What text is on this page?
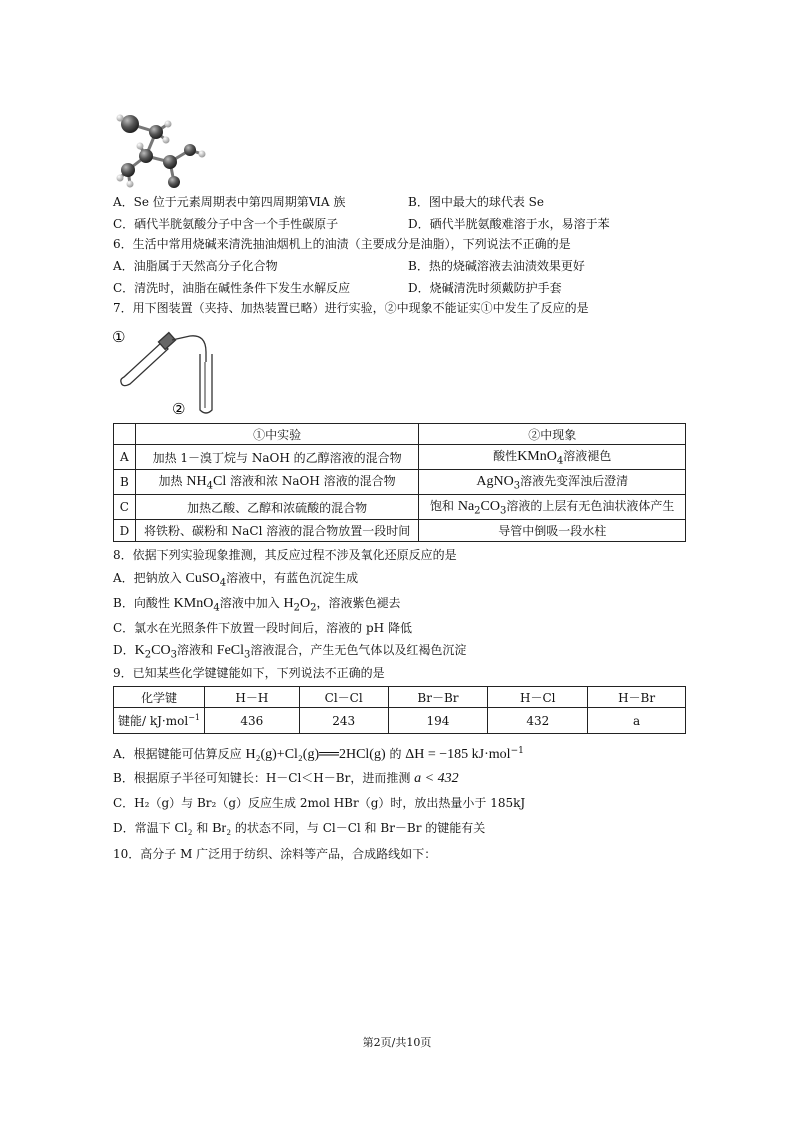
A．Se 位于元素周期表中第四周期第ⅥA 族	B．图中最大的球代表 Se
C．硒代半胱氨酸分子中含一个手性碳原子	D．硒代半胱氨酸难溶于水，易溶于苯
6．生活中常用烧碱来清洗抽油烟机上的油渍（主要成分是油脂），下列说法不正确的是
A．油脂属于天然高分子化合物	B．热的烧碱溶液去油渍效果更好
C．清洗时，油脂在碱性条件下发生水解反应	D．烧碱清洗时须戴防护手套
7．用下图装置（夹持、加热装置已略）进行实验，②中现象不能证实①中发生了反应的是
①
②
	①中实验	②中现象
A	加热 1－溴丁烷与 NaOH 的乙醇溶液的混合物	酸性KMnO$_4$溶液褪色
B	加热 $NH_4Cl$ 溶液和浓 NaOH 溶液的混合物	AgNO$_3$溶液先变浑浊后澄清
C	加热乙酸、乙醇和浓硫酸的混合物	饱和 $Na_2CO_3$溶液的上层有无色油状液体产生
D	将铁粉、碳粉和 NaCl 溶液的混合物放置一段时间	导管中倒吸一段水柱
8．依据下列实验现象推测，其反应过程不涉及氧化还原反应的是
A．把钠放入 CuSO$_4$溶液中，有蓝色沉淀生成
B．向酸性 KMnO$_4$溶液中加入 $H_2O_2$，溶液紫色褪去
C．氯水在光照条件下放置一段时间后，溶液的 pH 降低
D．$K_2CO_3$溶液和 FeCl$_3$溶液混合，产生无色气体以及红褐色沉淀
9．已知某些化学键键能如下，下列说法不正确的是
化学键	H－H	Cl－Cl	Br－Br	H－Cl	H－Br
键能/ kJ·mol$^{-1}$	436	243	194	432	a
A．根据键能可估算反应 H₂(g)+Cl₂(g)══2HCl(g) 的 ΔH = −185 kJ·mol$^{-1}$
B．根据原子半径可知键长：H－Cl＜H－Br，进而推测 a < 432
C．H₂（g）与 Br₂（g）反应生成 2mol HBr（g）时，放出热量小于 185kJ
D．常温下 Cl₂ 和 Br₂ 的状态不同，与 Cl－Cl 和 Br－Br 的键能有关
10．高分子 M 广泛用于纺织、涂料等产品，合成路线如下：
第2页/共10页
